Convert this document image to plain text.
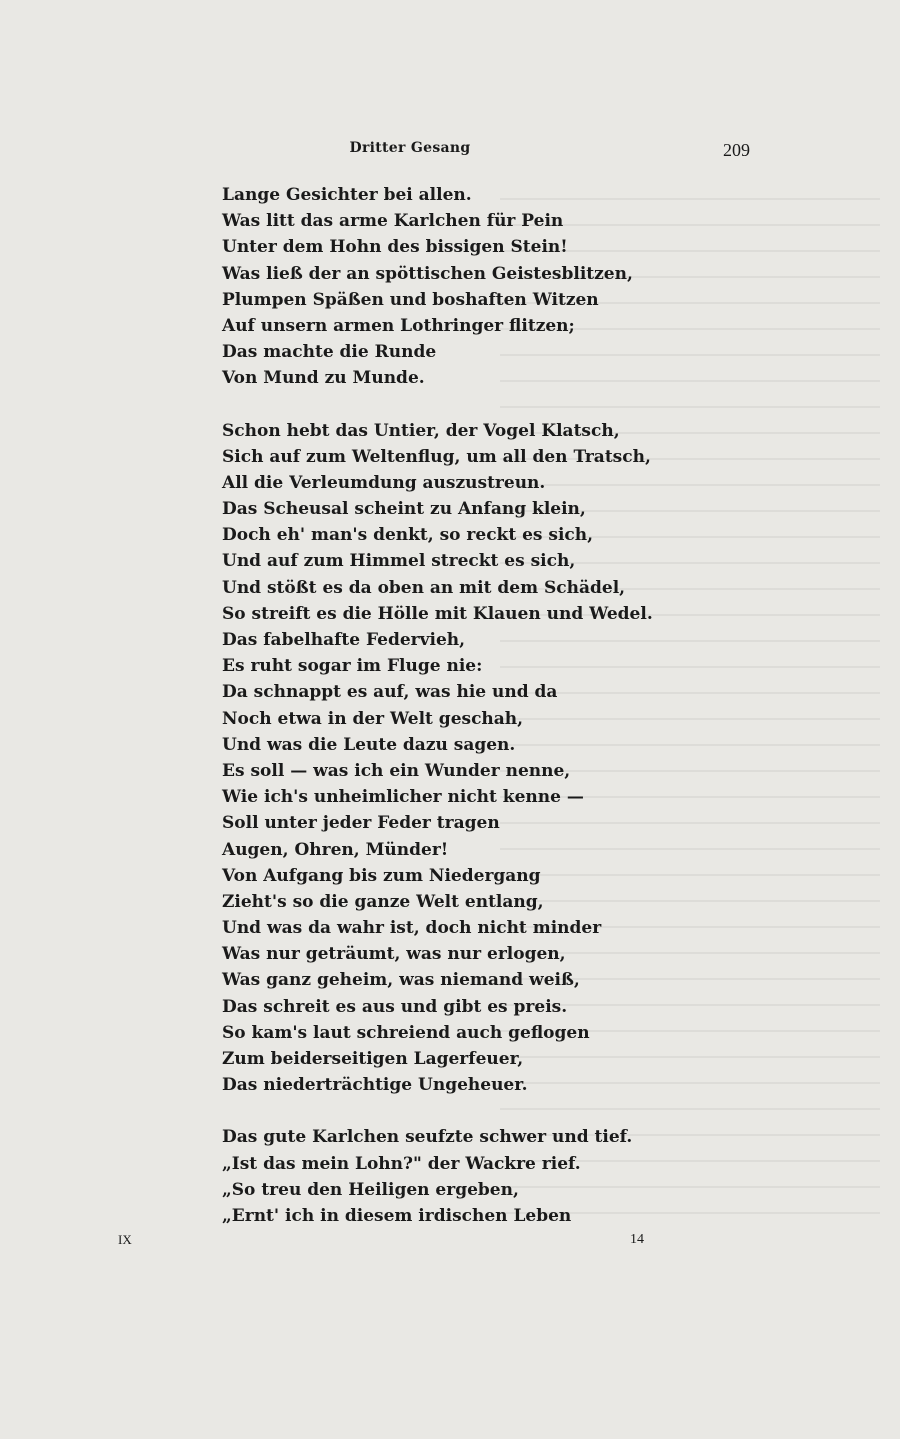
Dritter Gesang	209
Lange Gesichter bei allen.
Was litt das arme Karlchen für Pein
Unter dem Hohn des bissigen Stein!
Was ließ der an spöttischen Geistesblitzen,
Plumpen Späßen und boshaften Witzen
Auf unsern armen Lothringer flitzen;
Das machte die Runde
Von Mund zu Munde.
Schon hebt das Untier, der Vogel Klatsch,
Sich auf zum Weltenflug, um all den Tratsch,
All die Verleumdung auszustreun.
Das Scheusal scheint zu Anfang klein,
Doch eh' man's denkt, so reckt es sich,
Und auf zum Himmel streckt es sich,
Und stößt es da oben an mit dem Schädel,
So streift es die Hölle mit Klauen und Wedel.
Das fabelhafte Federvieh,
Es ruht sogar im Fluge nie:
Da schnappt es auf, was hie und da
Noch etwa in der Welt geschah,
Und was die Leute dazu sagen.
Es soll — was ich ein Wunder nenne,
Wie ich's unheimlicher nicht kenne —
Soll unter jeder Feder tragen
Augen, Ohren, Münder!
Von Aufgang bis zum Niedergang
Zieht's so die ganze Welt entlang,
Und was da wahr ist, doch nicht minder
Was nur geträumt, was nur erlogen,
Was ganz geheim, was niemand weiß,
Das schreit es aus und gibt es preis.
So kam's laut schreiend auch geflogen
Zum beiderseitigen Lagerfeuer,
Das niederträchtige Ungeheuer.
Das gute Karlchen seufzte schwer und tief.
„Ist das mein Lohn?" der Wackre rief.
„So treu den Heiligen ergeben,
„Ernt' ich in diesem irdischen Leben
IX	14
